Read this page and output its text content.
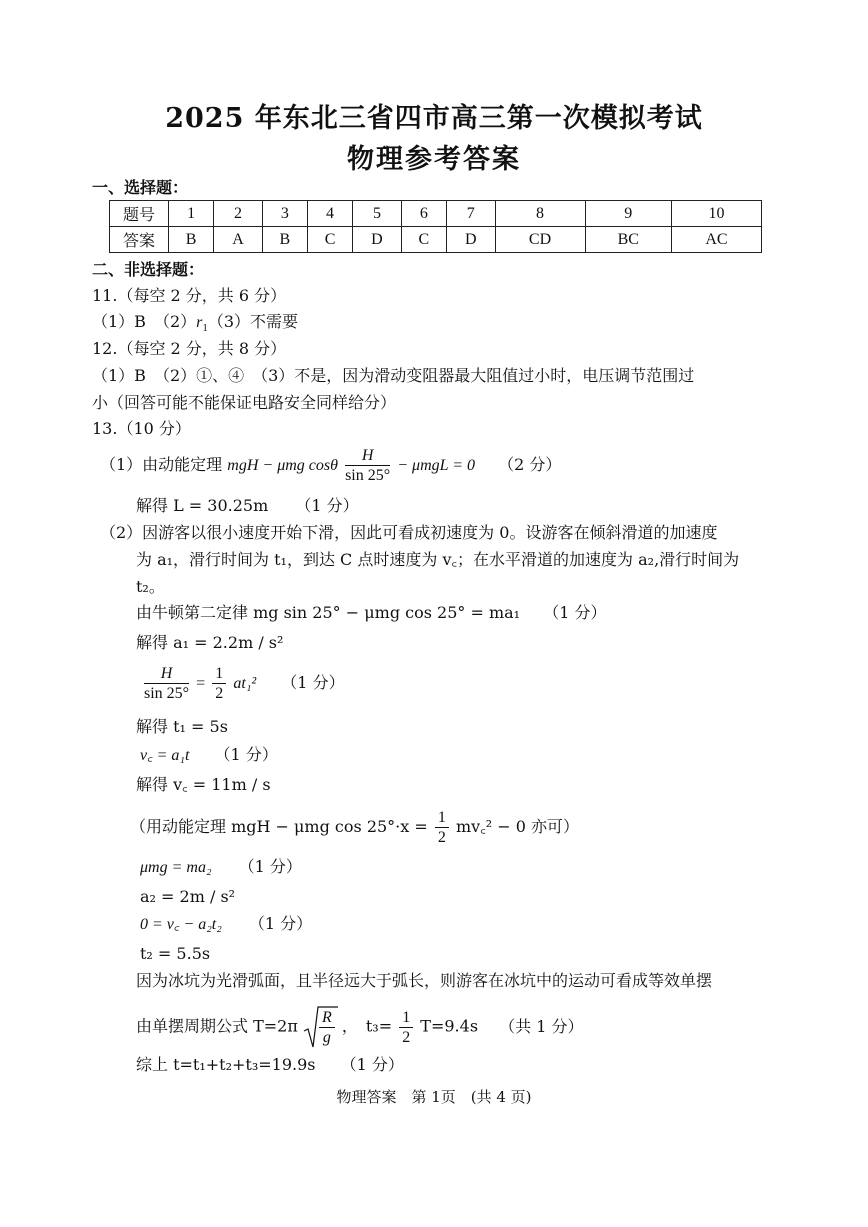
2025 年东北三省四市高三第一次模拟考试
物理参考答案
一、选择题：
题号	1	2	3	4	5	6	7	8	9	10
答案	B	A	B	C	D	C	D	CD	BC	AC
二、非选择题：
11.（每空 2 分，共 6 分）
（1）B　$(2)r_1(3)$不需要
12.（每空 2 分，共 8 分）
（1）B　（2）①、④　（3）不是，因为滑动变阻器最大阻值过小时，电压调节范围过
小（回答可能不能保证电路安全同样给分）
13.（10 分）
（1）由动能定理 mgH − μmg cosθ $\frac{H}{\sin 25^\circ} - \mu mgL = 0$ （2 分）
解得 L = 30.25m （1 分）
（2）因游客以很小速度开始下滑，因此可看成初速度为 0。设游客在倾斜滑道的加速度
为 a₁，滑行时间为 t₁，到达 C 点时速度为 v꜀；在水平滑道的加速度为 a₂,滑行时间为
t₂。
由牛顿第二定律 mg sin 25° − μmg cos 25° = ma₁ （1 分）
解得 a₁ = 2.2m / s²
$\frac{H}{\sin 25^\circ} = \frac{1}{2} at_1^2$ （1 分）
解得 t₁ = 5s
v꜀ = a₁t （1 分）
解得 v꜀ = 11m / s
（用动能定理 mgH − μmg $\cos 25^\circ\cdot x = \frac{1}{2}$ mv꜀² − 0 亦可）
μmg = ma₂ （1 分）
a₂ = 2m / s²
0 = v꜀ − a₂t₂ （1 分）
t₂ = 5.5s
因为冰坑为光滑弧面，且半径远大于弧长，则游客在冰坑中的运动可看成等效单摆
由单摆周期公式 $T=2\pi \frac{R}{g}$ ，　$t_3= \frac{1}{2} T=9.4s$ （共 1 分）
综上 t=t₁+t₂+t₃=19.9s （1 分）
物理答案　第 1页　(共 4 页)
